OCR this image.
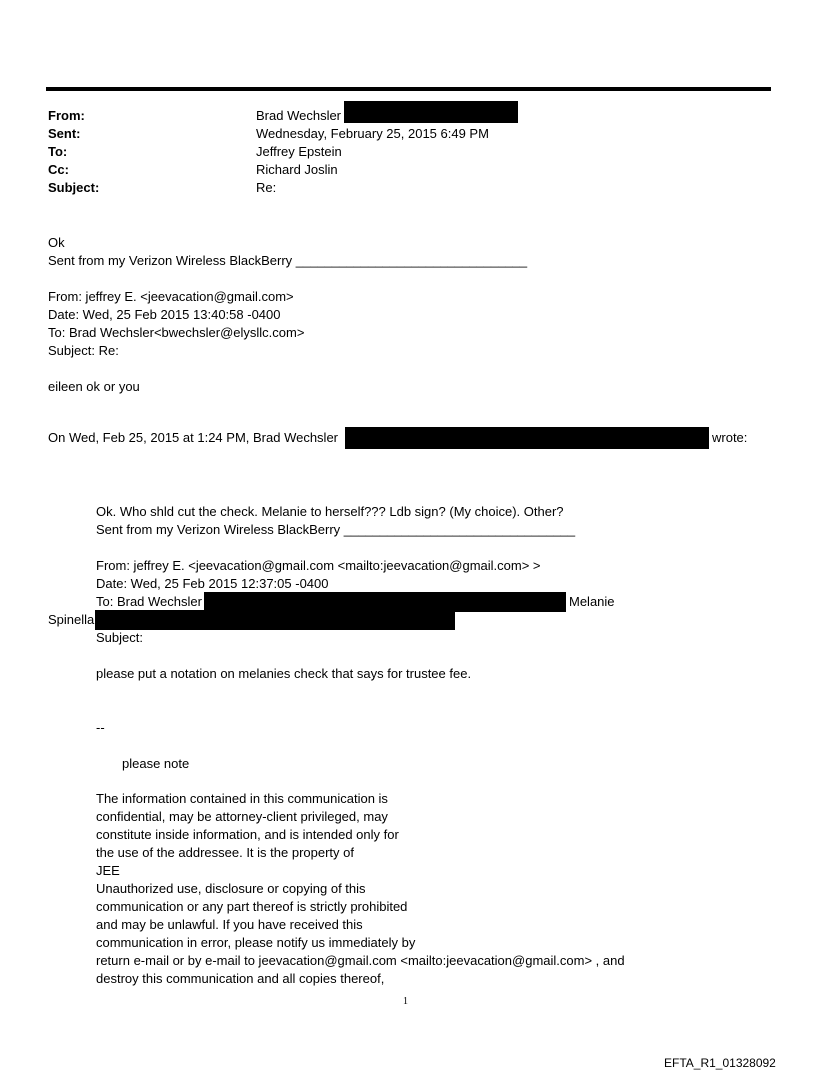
From:	Brad Wechsler
Sent:	Wednesday, February 25, 2015 6:49 PM
To:	Jeffrey Epstein
Cc:	Richard Joslin
Subject:	Re:
Ok
Sent from my Verizon Wireless BlackBerry ________________________________
From: jeffrey E. <jeevacation@gmail.com>
Date: Wed, 25 Feb 2015 13:40:58 -0400
To: Brad Wechsler<bwechsler@elysllc.com>
Subject: Re:
eileen ok or you
On Wed, Feb 25, 2015 at 1:24 PM, Brad Wechsler	wrote:
Ok. Who shld cut the check. Melanie to herself??? Ldb sign? (My choice). Other?
Sent from my Verizon Wireless BlackBerry ________________________________
From: jeffrey E. <jeevacation@gmail.com <mailto:jeevacation@gmail.com> >
Date: Wed, 25 Feb 2015 12:37:05 -0400
To: Brad Wechsler	Melanie
Spinella
Subject:
please put a notation on melanies check that says for trustee fee.
--
please note
The information contained in this communication is
confidential, may be attorney-client privileged, may
constitute inside information, and is intended only for
the use of the addressee. It is the property of
JEE
Unauthorized use, disclosure or copying of this
communication or any part thereof is strictly prohibited
and may be unlawful. If you have received this
communication in error, please notify us immediately by
return e-mail or by e-mail to jeevacation@gmail.com <mailto:jeevacation@gmail.com> , and
destroy this communication and all copies thereof,
1
EFTA_R1_01328092
